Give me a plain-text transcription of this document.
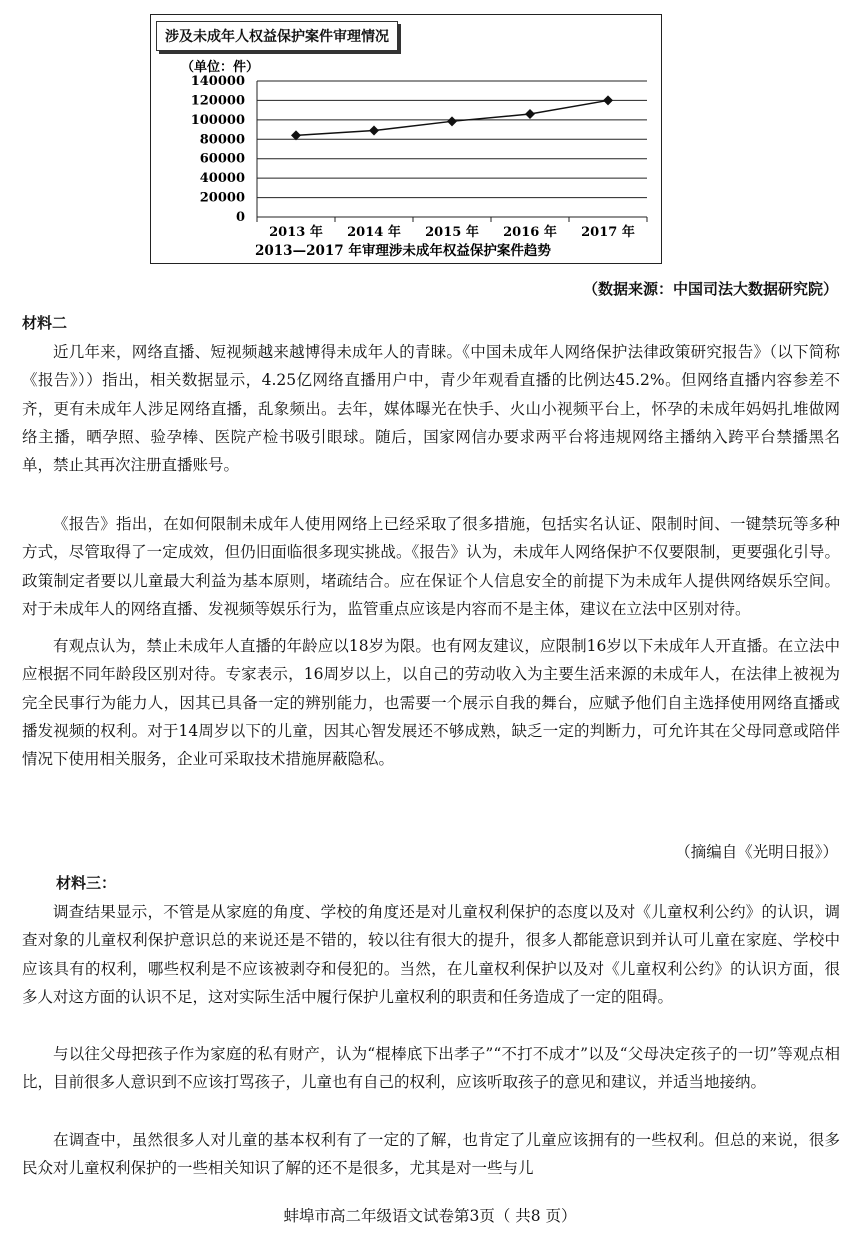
（单位：件）
0
20000
40000
60000
80000
100000
120000
140000
2013 年 2014 年 2015 年 2016 年 2017 年
2013—2017 年审理涉未成年权益保护案件趋势
涉及未成年人权益保护案件审理情况
（数据来源：中国司法大数据研究院）
材料二

近几年来，网络直播、短视频越来越博得未成年人的青睐。《中国未成年人网络保护法律政策研究报告》（以下简称《报告》））指出，相关数据显示，4.25亿网络直播用户中，青少年观看直播的比例达45.2%。但网络直播内容参差不齐，更有未成年人涉足网络直播，乱象频出。去年，媒体曝光在快手、火山小视频平台上，怀孕的未成年妈妈扎堆做网络主播，晒孕照、验孕棒、医院产检书吸引眼球。随后，国家网信办要求两平台将违规网络主播纳入跨平台禁播黑名单，禁止其再次注册直播账号。

《报告》指出，在如何限制未成年人使用网络上已经采取了很多措施，包括实名认证、限制时间、一键禁玩等多种方式，尽管取得了一定成效，但仍旧面临很多现实挑战。《报告》认为，未成年人网络保护不仅要限制，更要强化引导。政策制定者要以儿童最大利益为基本原则，堵疏结合。应在保证个人信息安全的前提下为未成年人提供网络娱乐空间。对于未成年人的网络直播、发视频等娱乐行为，监管重点应该是内容而不是主体，建议在立法中区别对待。

有观点认为，禁止未成年人直播的年龄应以18岁为限。也有网友建议，应限制16岁以下未成年人开直播。在立法中应根据不同年龄段区别对待。专家表示，16周岁以上，以自己的劳动收入为主要生活来源的未成年人，在法律上被视为完全民事行为能力人，因其已具备一定的辨别能力，也需要一个展示自我的舞台，应赋予他们自主选择使用网络直播或播发视频的权利。对于14周岁以下的儿童，因其心智发展还不够成熟，缺乏一定的判断力，可允许其在父母同意或陪伴情况下使用相关服务，企业可采取技术措施屏蔽隐私。

（摘编自《光明日报》）
材料三：

调查结果显示，不管是从家庭的角度、学校的角度还是对儿童权利保护的态度以及对《儿童权利公约》的认识，调查对象的儿童权利保护意识总的来说还是不错的，较以往有很大的提升，很多人都能意识到并认可儿童在家庭、学校中应该具有的权利，哪些权利是不应该被剥夺和侵犯的。当然，在儿童权利保护以及对《儿童权利公约》的认识方面，很多人对这方面的认识不足，这对实际生活中履行保护儿童权利的职责和任务造成了一定的阻碍。

与以往父母把孩子作为家庭的私有财产，认为“棍棒底下出孝子”“不打不成才”以及“父母决定孩子的一切”等观点相比，目前很多人意识到不应该打骂孩子，儿童也有自己的权利，应该听取孩子的意见和建议，并适当地接纳。

在调查中，虽然很多人对儿童的基本权利有了一定的了解，也肯定了儿童应该拥有的一些权利。但总的来说，很多民众对儿童权利保护的一些相关知识了解的还不是很多，尤其是对一些与儿

蚌埠市高二年级语文试卷第3页（ 共8 页）
